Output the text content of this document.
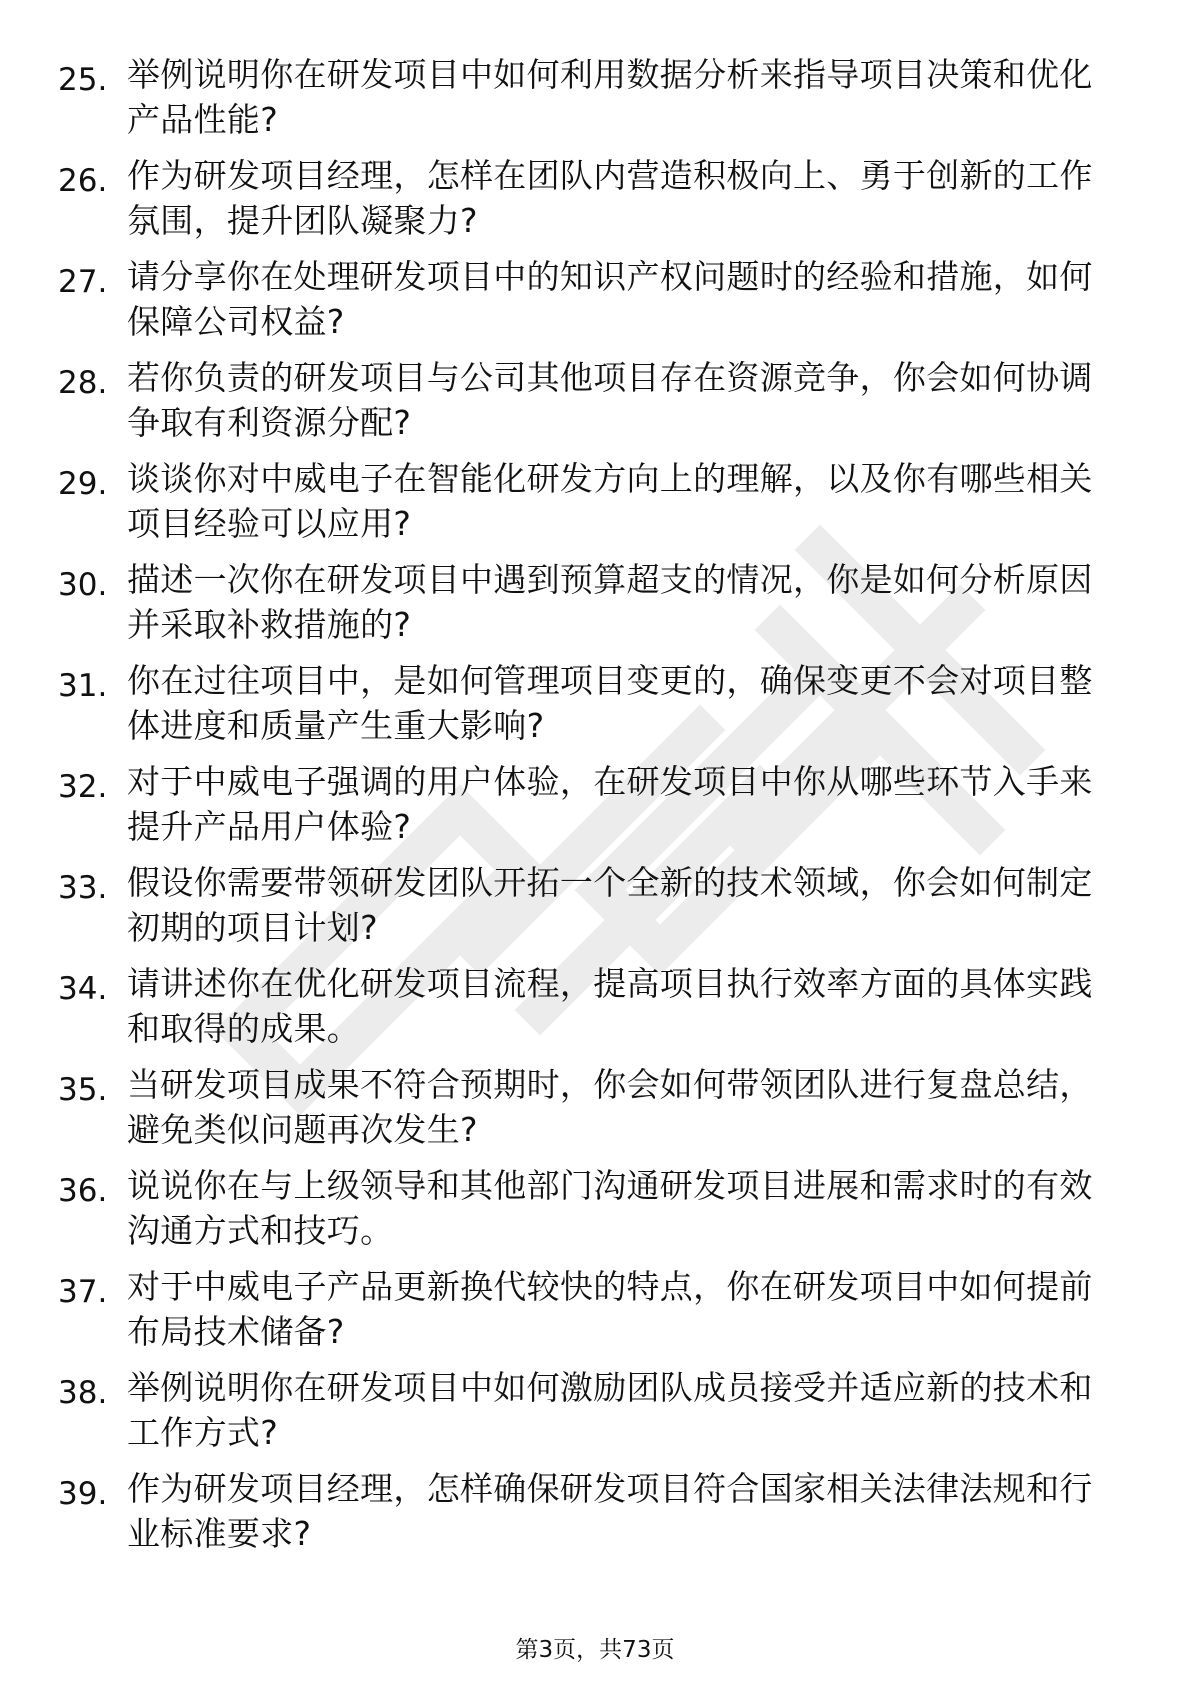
25. 举例说明你在研发项目中如何利用数据分析来指导项目决策和优化产品性能?
26. 作为研发项目经理，怎样在团队内营造积极向上、勇于创新的工作氛围，提升团队凝聚力?
27. 请分享你在处理研发项目中的知识产权问题时的经验和措施，如何保障公司权益?
28. 若你负责的研发项目与公司其他项目存在资源竞争，你会如何协调争取有利资源分配?
29. 谈谈你对中威电子在智能化研发方向上的理解，以及你有哪些相关项目经验可以应用?
30. 描述一次你在研发项目中遇到预算超支的情况，你是如何分析原因并采取补救措施的?
31. 你在过往项目中，是如何管理项目变更的，确保变更不会对项目整体进度和质量产生重大影响?
32. 对于中威电子强调的用户体验，在研发项目中你从哪些环节入手来提升产品用户体验?
33. 假设你需要带领研发团队开拓一个全新的技术领域，你会如何制定初期的项目计划?
34. 请讲述你在优化研发项目流程，提高项目执行效率方面的具体实践和取得的成果。
35. 当研发项目成果不符合预期时，你会如何带领团队进行复盘总结，避免类似问题再次发生?
36. 说说你在与上级领导和其他部门沟通研发项目进展和需求时的有效沟通方式和技巧。
37. 对于中威电子产品更新换代较快的特点，你在研发项目中如何提前布局技术储备?
38. 举例说明你在研发项目中如何激励团队成员接受并适应新的技术和工作方式?
39. 作为研发项目经理，怎样确保研发项目符合国家相关法律法规和行业标准要求?
第3页，共73页
